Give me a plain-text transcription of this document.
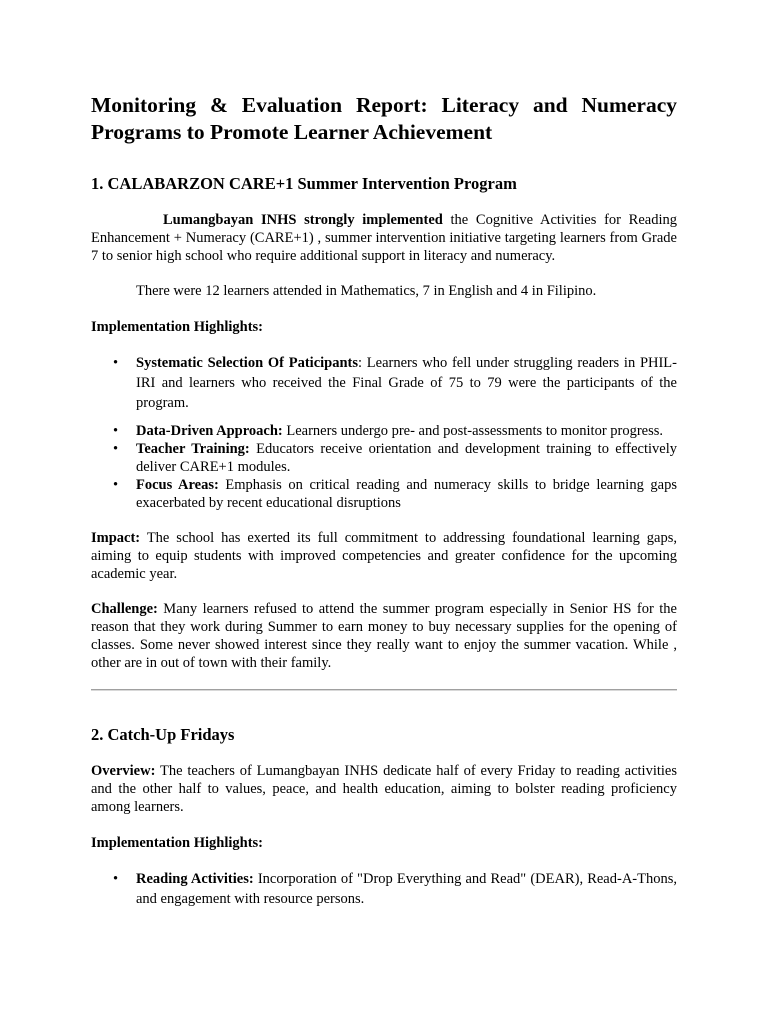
Monitoring & Evaluation Report: Literacy and Numeracy Programs to Promote Learner Achievement
1. CALABARZON CARE+1 Summer Intervention Program

Lumangbayan INHS strongly implemented the Cognitive Activities for Reading Enhancement + Numeracy (CARE+1) , summer intervention initiative targeting learners from Grade 7 to senior high school who require additional support in literacy and numeracy.

There were 12 learners attended in Mathematics, 7 in English and 4 in Filipino.

Implementation Highlights:

• Systematic Selection Of Paticipants: Learners who fell under struggling readers in PHIL-IRI and learners who received the Final Grade of 75 to 79 were the participants of the program.
• Data-Driven Approach: Learners undergo pre- and post-assessments to monitor progress.
• Teacher Training: Educators receive orientation and development training to effectively deliver CARE+1 modules.
• Focus Areas: Emphasis on critical reading and numeracy skills to bridge learning gaps exacerbated by recent educational disruptions

Impact: The school has exerted its full commitment to addressing foundational learning gaps, aiming to equip students with improved competencies and greater confidence for the upcoming academic year.

Challenge: Many learners refused to attend the summer program especially in Senior HS for the reason that they work during Summer to earn money to buy necessary supplies for the opening of classes. Some never showed interest since they really want to enjoy the summer vacation. While , other are in out of town with their family.

2. Catch-Up Fridays

Overview: The teachers of Lumangbayan INHS dedicate half of every Friday to reading activities and the other half to values, peace, and health education, aiming to bolster reading proficiency among learners.

Implementation Highlights:

• Reading Activities: Incorporation of "Drop Everything and Read" (DEAR), Read-A-Thons, and engagement with resource persons.
